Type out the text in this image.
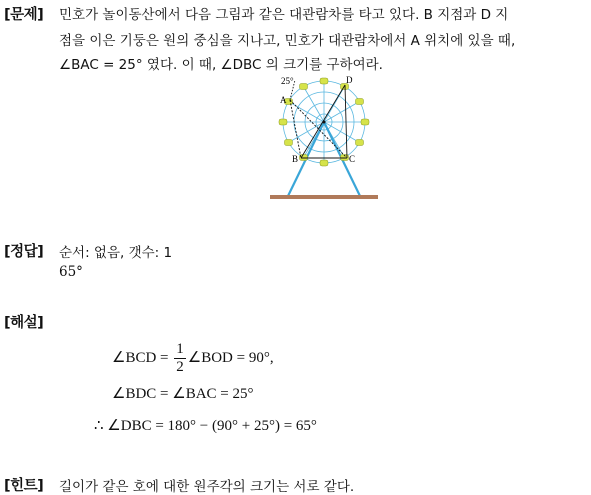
[문제] 민호가 놀이동산에서 다음 그림과 같은 대관람차를 타고 있다. B 지점과 D 지
점을 이은 기둥은 원의 중심을 지나고, 민호가 대관람차에서 A 위치에 있을 때,
∠BAC = 25° 였다. 이 때, ∠DBC 의 크기를 구하여라.
25°
A
B	C
D
[정답] 순서: 없음, 갯수: 1
65°
[해설]
∠BCD = $\frac{1}{2}$ ∠BOD = 90°,
∠BDC = ∠BAC = 25°
∴ ∠DBC = 180° − (90° + 25°) = 65°
[힌트] 길이가 같은 호에 대한 원주각의 크기는 서로 같다.
